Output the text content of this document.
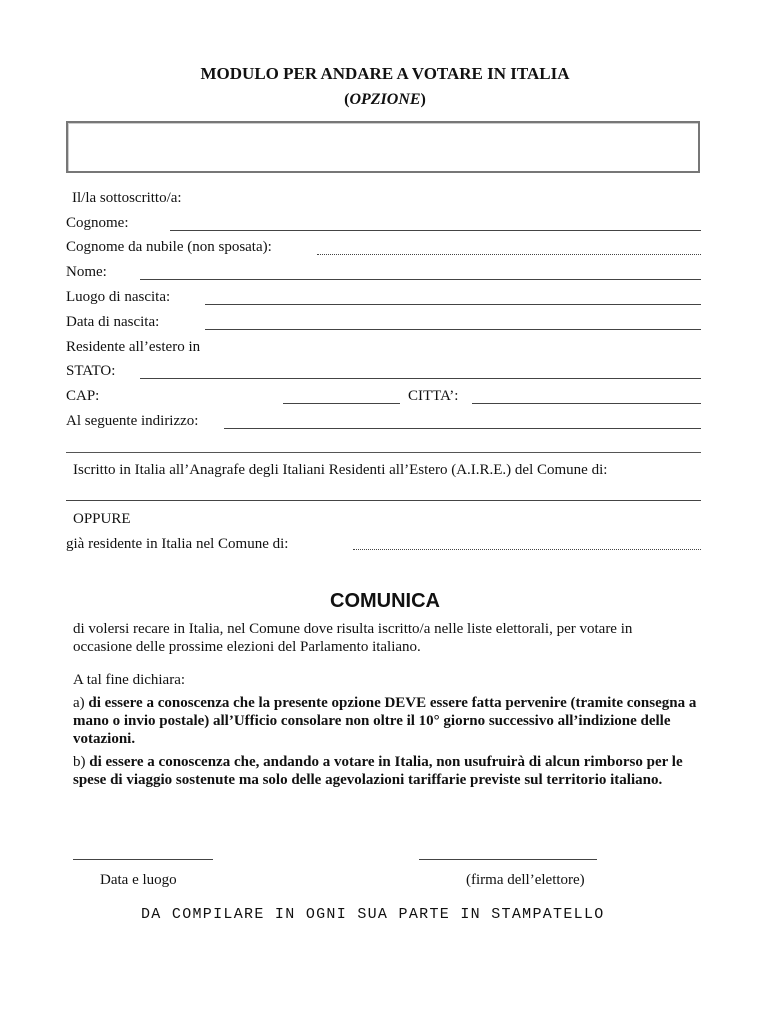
MODULO PER ANDARE A VOTARE IN ITALIA
(OPZIONE)
Il/la sottoscritto/a:
Cognome:
Cognome da nubile (non sposata):
Nome:
Luogo di nascita:
Data di nascita:
Residente all’estero in
STATO:
CAP:	CITTA’:
Al seguente indirizzo:
Iscritto in Italia all’Anagrafe degli Italiani Residenti all’Estero (A.I.R.E.) del Comune di:
OPPURE
già residente in Italia nel Comune di:
COMUNICA
di volersi recare in Italia, nel Comune dove risulta iscritto/a nelle liste elettorali, per votare in occasione delle prossime elezioni del Parlamento italiano.
A tal fine dichiara:
a) di essere a conoscenza che la presente opzione DEVE essere fatta pervenire (tramite consegna a mano o invio postale) all’Ufficio consolare non oltre il 10° giorno successivo all’indizione delle votazioni.
b) di essere a conoscenza che, andando a votare in Italia, non usufruirà di alcun rimborso per le spese di viaggio sostenute ma solo delle agevolazioni tariffarie previste sul territorio italiano.
Data e luogo	(firma dell’elettore)
DA COMPILARE IN OGNI SUA PARTE IN STAMPATELLO
